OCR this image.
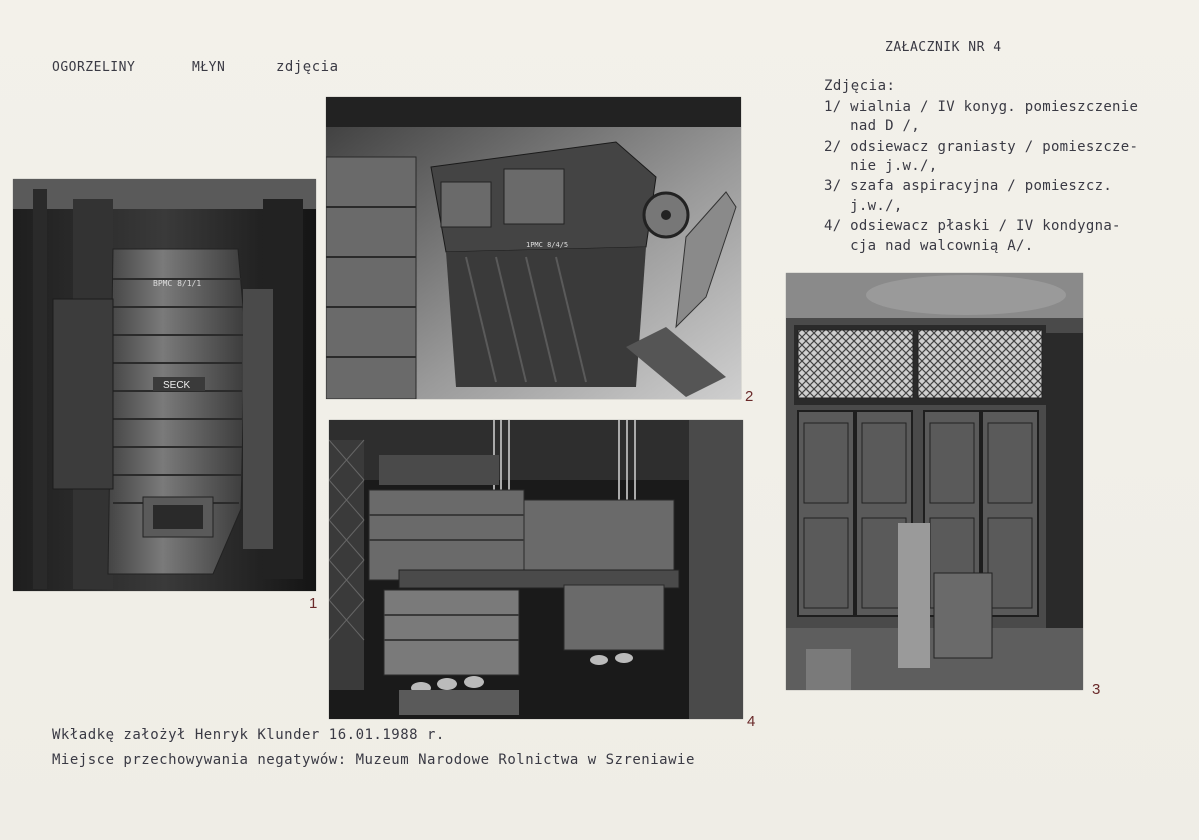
OGORZELINY	MŁYN	zdjęcia
ZAŁACZNIK NR 4
Zdjęcia:
1/ wialnia / IV konyg. pomieszczenie
nad D /,
2/ odsiewacz graniasty / pomieszcze-
nie j.w./,
3/ szafa aspiracyjna / pomieszcz.
j.w./,
4/ odsiewacz płaski / IV kondygna-
cja nad walcownią A/.
BPMC 8/1/1
SECK
1
1PMC 8/4/5
2
3
4
Wkładkę założył Henryk Klunder 16.01.1988 r.
Miejsce przechowywania negatywów: Muzeum Narodowe Rolnictwa w Szreniawie
